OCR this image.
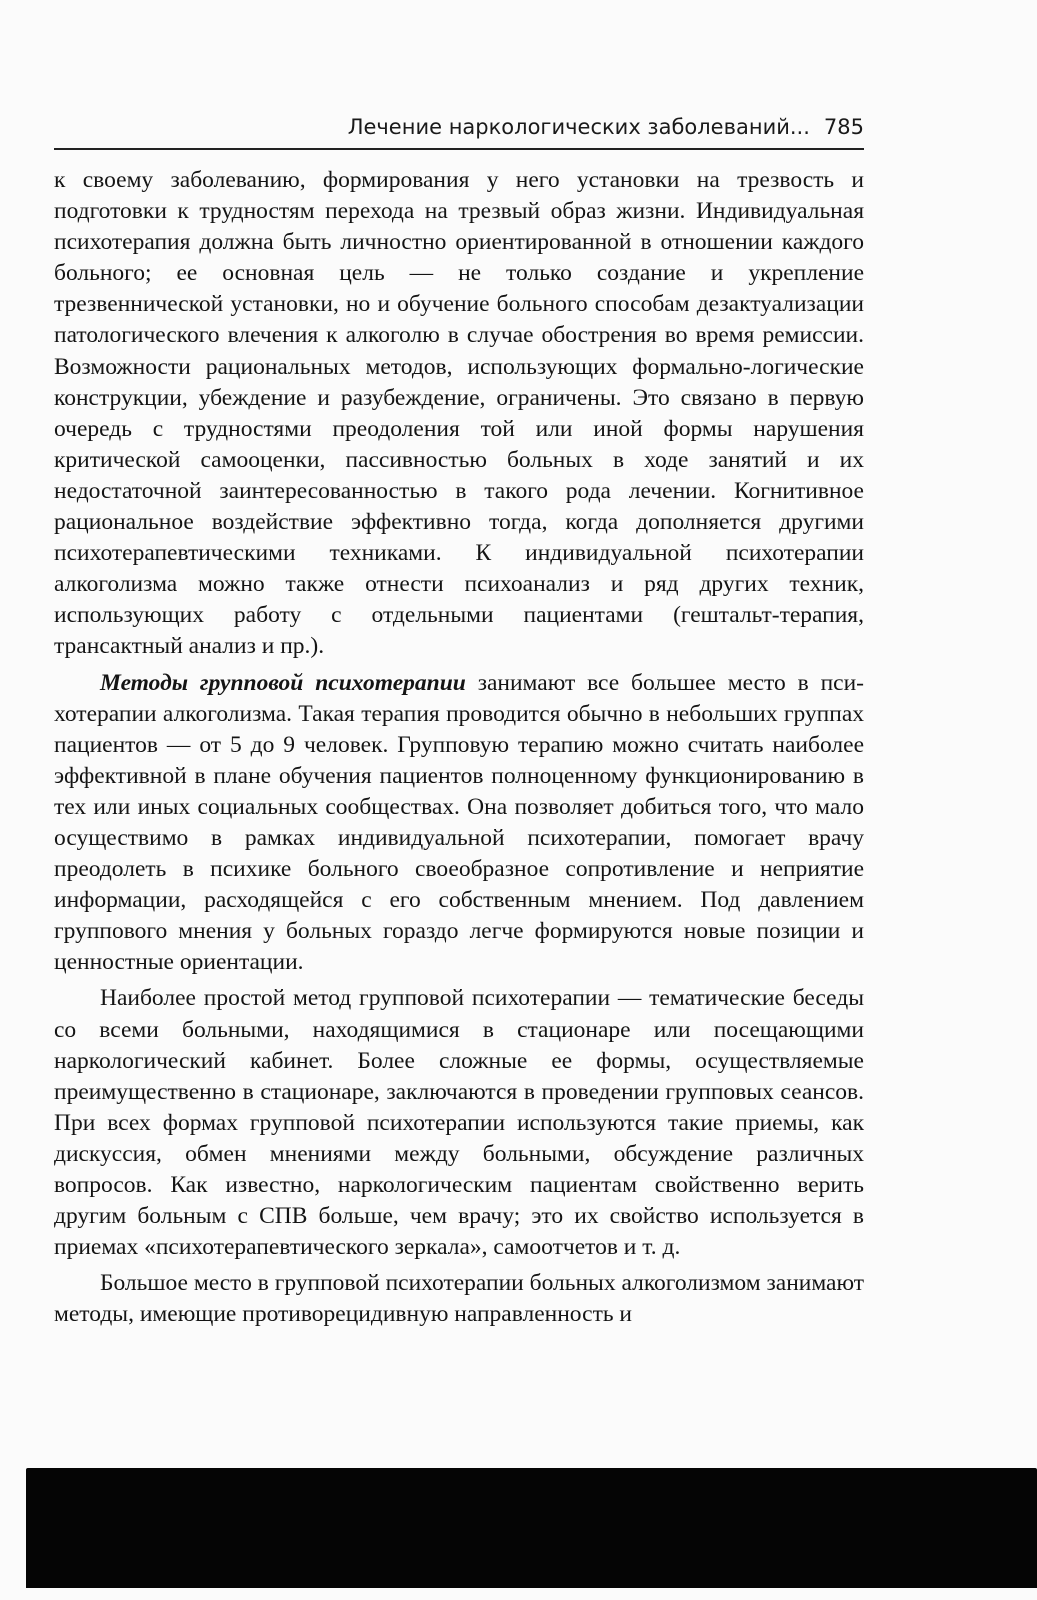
Лечение наркологических заболеваний... 785

к своему заболеванию, формирования у него установки на трезвость и подготовки к трудностям перехода на трезвый образ жизни. Индивидуальная психотерапия должна быть личностно ориентированной в отношении каждого больного; ее основная цель — не только создание и укрепление трезвеннической установки, но и обучение больного способам дезактуализации патологического влечения к алкоголю в случае обострения во время ремиссии. Возможности рациональных методов, использующих формально-логические конструкции, убеждение и разубеждение, ограничены. Это связано в первую очередь с трудностями преодоления той или иной формы нарушения критической самооценки, пассивностью больных в ходе занятий и их недостаточной заинтересованностью в такого рода лечении. Когнитивное рациональное воздействие эффективно тогда, когда дополняется другими психотерапевтическими техниками. К индивидуальной психотерапии алкоголизма можно также отнести психоанализ и ряд других техник, использующих работу с отдельными пациентами (гештальт-терапия, трансактный анализ и пр.).

Методы групповой психотерапии занимают все большее место в психотерапии алкоголизма. Такая терапия проводится обычно в небольших группах пациентов — от 5 до 9 человек. Групповую терапию можно считать наиболее эффективной в плане обучения пациентов полноценному функционированию в тех или иных социальных сообществах. Она позволяет добиться того, что мало осуществимо в рамках индивидуальной психотерапии, помогает врачу преодолеть в психике больного своеобразное сопротивление и неприятие информации, расходящейся с его собственным мнением. Под давлением группового мнения у больных гораздо легче формируются новые позиции и ценностные ориентации.

Наиболее простой метод групповой психотерапии — тематические беседы со всеми больными, находящимися в стационаре или посещающими наркологический кабинет. Более сложные ее формы, осуществляемые преимущественно в стационаре, заключаются в проведении групповых сеансов. При всех формах групповой психотерапии используются такие приемы, как дискуссия, обмен мнениями между больными, обсуждение различных вопросов. Как известно, наркологическим пациентам свойственно верить другим больным с СПВ больше, чем врачу; это их свойство используется в приемах «психотерапевтического зеркала», самоотчетов и т. д.

Большое место в групповой психотерапии больных алкоголизмом занимают методы, имеющие противорецидивную направленность и
